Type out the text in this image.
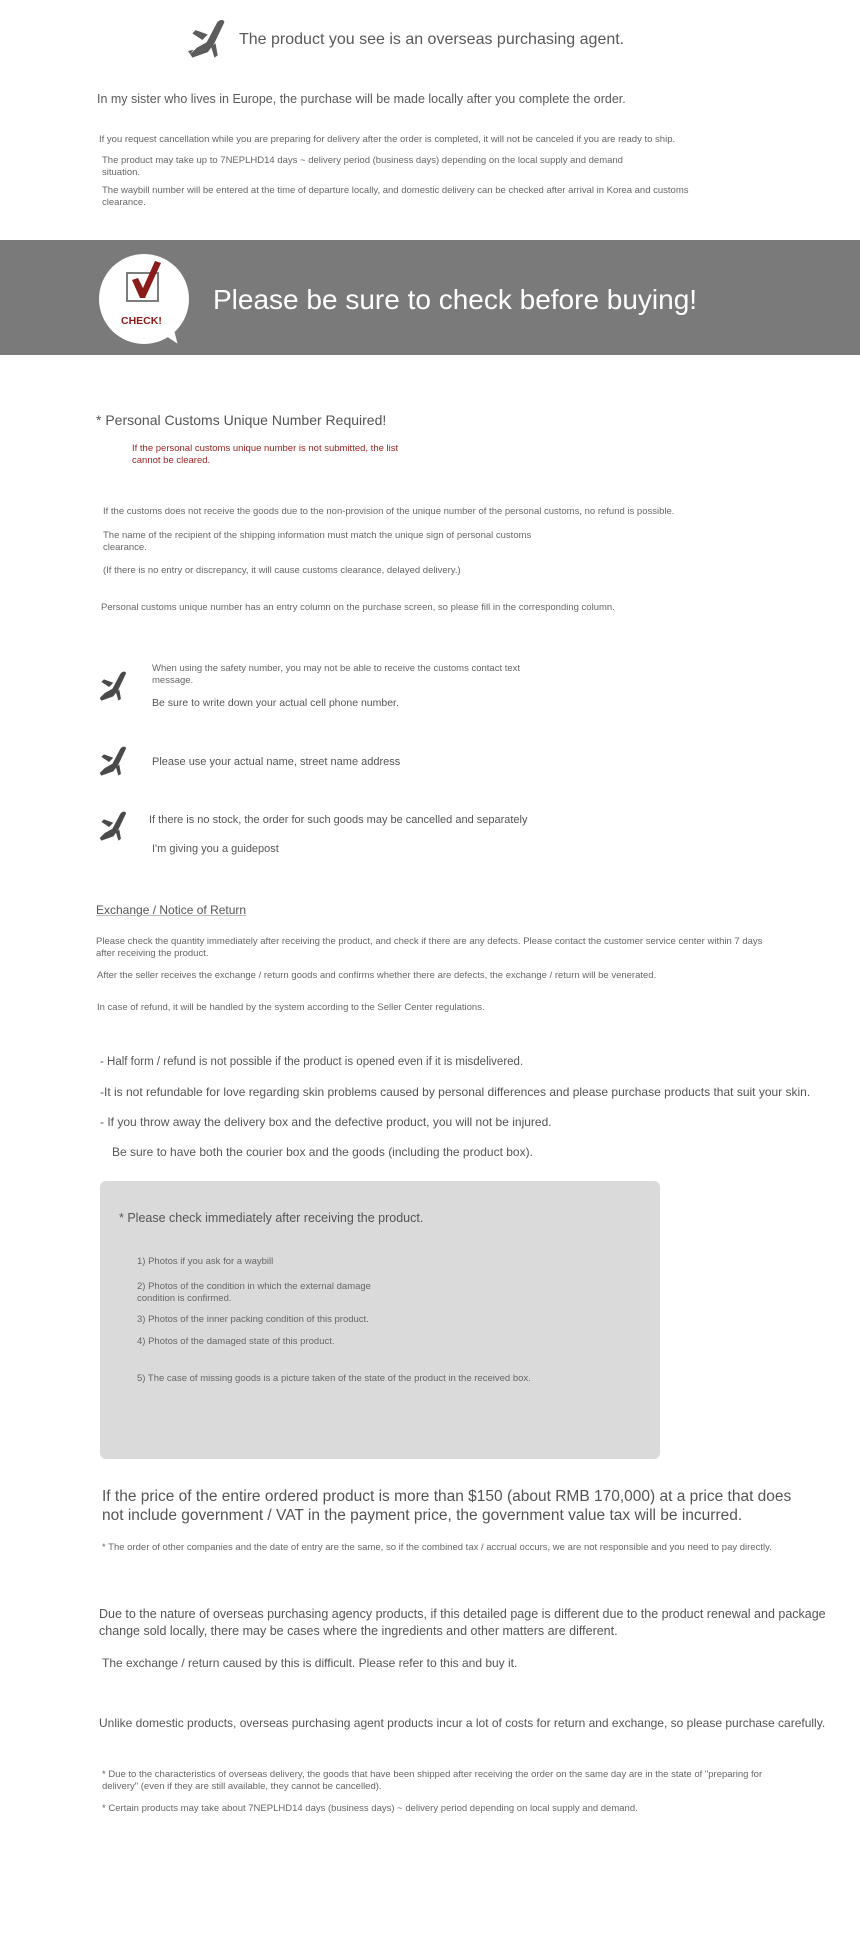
The product you see is an overseas purchasing agent.
In my sister who lives in Europe, the purchase will be made locally after you complete the order.
If you request cancellation while you are preparing for delivery after the order is completed, it will not be canceled if you are ready to ship.
The product may take up to 7NEPLHD14 days ~ delivery period (business days) depending on the local supply and demand situation.
The waybill number will be entered at the time of departure locally, and domestic delivery can be checked after arrival in Korea and customs clearance.
CHECK!
Please be sure to check before buying!
* Personal Customs Unique Number Required!
If the personal customs unique number is not submitted, the list cannot be cleared.
If the customs does not receive the goods due to the non-provision of the unique number of the personal customs, no refund is possible.
The name of the recipient of the shipping information must match the unique sign of personal customs clearance.
(If there is no entry or discrepancy, it will cause customs clearance, delayed delivery.)
Personal customs unique number has an entry column on the purchase screen, so please fill in the corresponding column.
When using the safety number, you may not be able to receive the customs contact text message.
Be sure to write down your actual cell phone number.
Please use your actual name, street name address
If there is no stock, the order for such goods may be cancelled and separately
I'm giving you a guidepost
Exchange / Notice of Return
Please check the quantity immediately after receiving the product, and check if there are any defects. Please contact the customer service center within 7 days after receiving the product.
After the seller receives the exchange / return goods and confirms whether there are defects, the exchange / return will be venerated.
In case of refund, it will be handled by the system according to the Seller Center regulations.
- Half form / refund is not possible if the product is opened even if it is misdelivered.
-It is not refundable for love regarding skin problems caused by personal differences and please purchase products that suit your skin.
- If you throw away the delivery box and the defective product, you will not be injured.
Be sure to have both the courier box and the goods (including the product box).
* Please check immediately after receiving the product.
1) Photos if you ask for a waybill
2) Photos of the condition in which the external damage condition is confirmed.
3) Photos of the inner packing condition of this product.
4) Photos of the damaged state of this product.
5) The case of missing goods is a picture taken of the state of the product in the received box.
If the price of the entire ordered product is more than $150 (about RMB 170,000) at a price that does not include government / VAT in the payment price, the government value tax will be incurred.
* The order of other companies and the date of entry are the same, so if the combined tax / accrual occurs, we are not responsible and you need to pay directly.
Due to the nature of overseas purchasing agency products, if this detailed page is different due to the product renewal and package change sold locally, there may be cases where the ingredients and other matters are different.
The exchange / return caused by this is difficult. Please refer to this and buy it.
Unlike domestic products, overseas purchasing agent products incur a lot of costs for return and exchange, so please purchase carefully.
* Due to the characteristics of overseas delivery, the goods that have been shipped after receiving the order on the same day are in the state of "preparing for delivery" (even if they are still available, they cannot be cancelled).
* Certain products may take about 7NEPLHD14 days (business days) ~ delivery period depending on local supply and demand.
